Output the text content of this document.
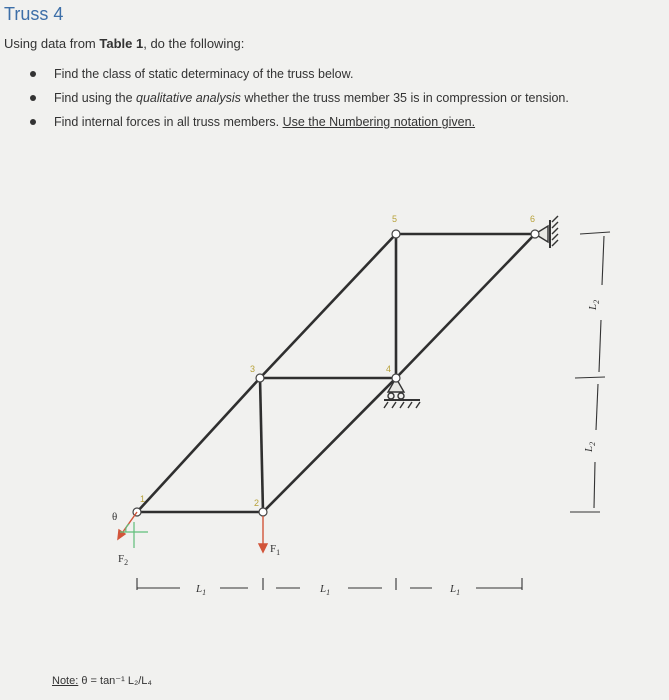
Truss 4
Using data from Table 1, do the following:
Find the class of static determinacy of the truss below.
Find using the qualitative analysis whether the truss member 35 is in compression or tension.
Find internal forces in all truss members. Use the Numbering notation given.
1	2
3	4
5	6
θ
$F_2$
$F_1$
$L_1$	$L_1$	$L_1$
$L_2$
$L_2$
Note: θ = tan⁻¹ L₂/L₄
